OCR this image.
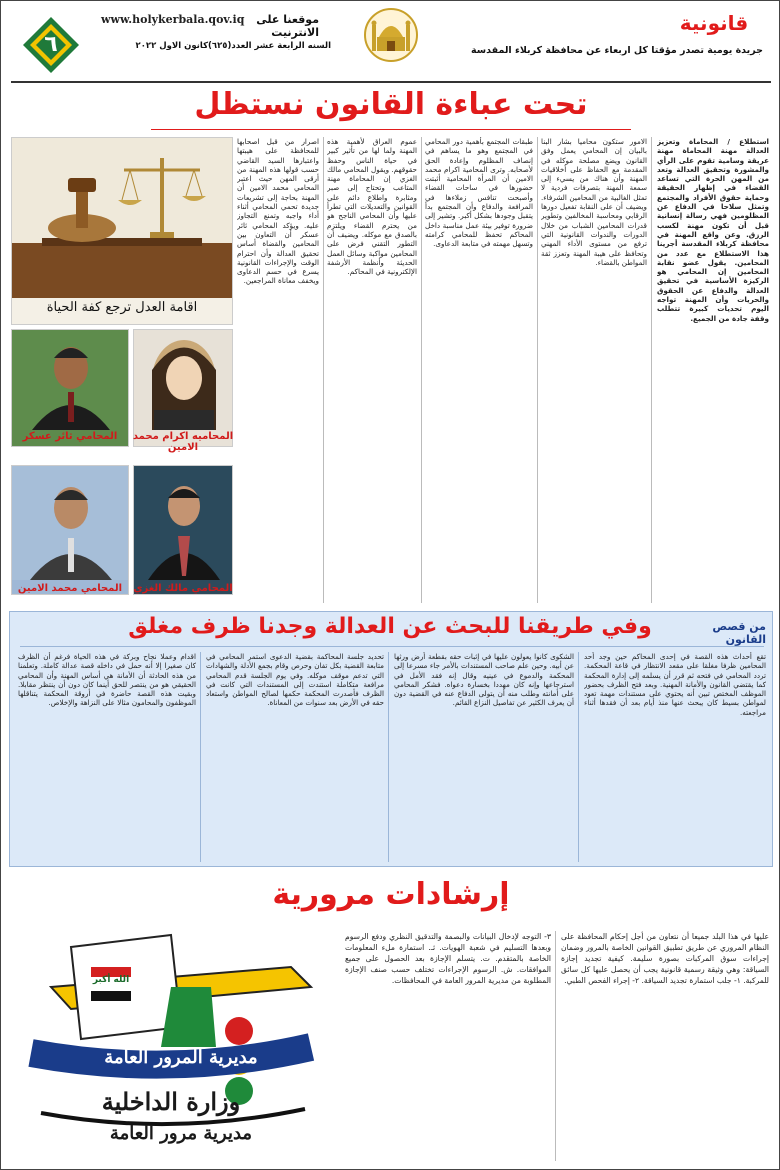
٦
موقعنا على الانترنيت
www.holykerbala.qov.iq
السنه الرابعة عشر العدد(٦٢٥)كانون الاول ٢٠٢٢
قانونية
جريدة يومية تصدر مؤقتا كل اربعاء عن محافظة كربلاء المقدسة
تحت عباءة القانون نستظل
استطلاع / المحاماة وتعزيز العدالة مهنة المحاماة مهنة عريقة وسامية تقوم على الرأي والمشورة وتحقيق العدالة وتعد من المهن الحرة التي تساعد القضاء في إظهار الحقيقة وحماية حقوق الأفراد والمجتمع وتمثل سلاحا في الدفاع عن المظلومين فهي رسالة إنسانية قبل أن تكون مهنة لكسب الرزق. وعن واقع المهنة في محافظة كربلاء المقدسة أجرينا هذا الاستطلاع مع عدد من المحامين. يقول عضو نقابة المحامين إن المحامي هو الركيزة الأساسية في تحقيق العدالة والدفاع عن الحقوق والحريات وأن المهنة تواجه اليوم تحديات كبيرة تتطلب وقفة جادة من الجميع.
الامور ستكون محاميا بشار البنا بالبيان إن المحامي يعمل وفق القانون ويضع مصلحة موكله في المقدمة مع الحفاظ على أخلاقيات المهنة وأن هناك من يسيء إلى سمعة المهنة بتصرفات فردية لا تمثل الغالبية من المحامين الشرفاء. ويضيف أن على النقابة تفعيل دورها الرقابي ومحاسبة المخالفين وتطوير قدرات المحامين الشباب من خلال الدورات والندوات القانونية التي ترفع من مستوى الأداء المهني وتحافظ على هيبة المهنة وتعزز ثقة المواطن بالقضاء.
طبقات المجتمع بأهمية دور المحامي في المجتمع وهو ما يساهم في إنصاف المظلوم وإعادة الحق لأصحابه. وترى المحامية اكرام محمد الامين أن المرأة المحامية أثبتت حضورها في ساحات القضاء وأصبحت تنافس زملاءها في المرافعة والدفاع وأن المجتمع بدأ يتقبل وجودها بشكل أكبر. وتشير إلى ضرورة توفير بيئة عمل مناسبة داخل المحاكم تحفظ للمحامي كرامته وتسهل مهمته في متابعة الدعاوى.
عموم العراق لأهمية هذه المهنة ولما لها من تأثير كبير في حياة الناس وحفظ حقوقهم. ويقول المحامي مالك الغزي إن المحاماة مهنة المتاعب وتحتاج إلى صبر ومثابرة واطلاع دائم على القوانين والتعديلات التي تطرأ عليها وأن المحامي الناجح هو من يحترم القضاء ويلتزم بالصدق مع موكله. ويضيف أن التطور التقني فرض على المحامين مواكبة وسائل العمل الحديثة وأنظمة الأرشفة الإلكترونية في المحاكم.
اصرار من قبل اصحابها للمحافظة على هيبتها واعتبارها السيد القاضي حسب قولها هذه المهنة من أرقى المهن حيث اعتبر المحامي محمد الامين أن المهنة بحاجة إلى تشريعات جديدة تحمي المحامي أثناء أداء واجبه وتمنع التجاوز عليه. ويؤكد المحامي ثائر عسكر أن التعاون بين المحامين والقضاة أساس تحقيق العدالة وأن احترام الوقت والإجراءات القانونية يسرع في حسم الدعاوى ويخفف معاناة المراجعين.
اقامة العدل ترجع كفة الحياة
المحاميه اكرام محمد الامين
المحامي ثائر عسكر
المحامي مالك الغزي
المحامي محمد الامين
من قصص القانون
وفي طريقنا للبحث عن العدالة وجدنا ظرف مغلق
تقع أحداث هذه القصة في إحدى المحاكم حين وجد أحد المحامين ظرفا مغلقا على مقعد الانتظار في قاعة المحكمة. تردد المحامي في فتحه ثم قرر أن يسلمه إلى إدارة المحكمة كما يقتضي القانون والأمانة المهنية. وبعد فتح الظرف بحضور الموظف المختص تبين أنه يحتوي على مستندات مهمة تعود لمواطن بسيط كان يبحث عنها منذ أيام بعد أن فقدها أثناء مراجعته.
الشكوى كانوا يعولون عليها في إثبات حقه بقطعة أرض ورثها عن أبيه. وحين علم صاحب المستندات بالأمر جاء مسرعا إلى المحكمة والدموع في عينيه وقال إنه فقد الأمل في استرجاعها وإنه كان مهددا بخسارة دعواه. فشكر المحامي على أمانته وطلب منه أن يتولى الدفاع عنه في القضية دون أن يعرف الكثير عن تفاصيل النزاع القائم.
تحديد جلسة المحاكمة بقضية الدعوى استمر المحامي في متابعة القضية بكل تفان وحرص وقام بجمع الأدلة والشهادات التي تدعم موقف موكله. وفي يوم الجلسة قدم المحامي مرافعة متكاملة استندت إلى المستندات التي كانت في الظرف فأصدرت المحكمة حكمها لصالح المواطن واستعاد حقه في الأرض بعد سنوات من المعاناة.
اقدام وعملا نجاح وبركة في هذه الحياة فرغم أن الظرف كان صغيرا إلا أنه حمل في داخله قصة عدالة كاملة. وتعلمنا من هذه الحادثة أن الأمانة هي أساس المهنة وأن المحامي الحقيقي هو من ينتصر للحق أينما كان دون أن ينتظر مقابلا. وبقيت هذه القصة حاضرة في أروقة المحكمة يتناقلها الموظفون والمحامون مثالا على النزاهة والإخلاص.
إرشادات مرورية
عليها في هذا البلد جميعا أن نتعاون من أجل إحكام المحافظة على النظام المروري عن طريق تطبيق القوانين الخاصة بالمرور وضمان إجراءات سوق المركبات بصورة سليمة. كيفية تجديد إجازة السياقة: وهي وثيقة رسمية قانونية يجب أن يحصل عليها كل سائق للمركبة. ١- جلب استمارة تجديد السياقة. ٢- إجراء الفحص الطبي.
٣- التوجه لإدخال البيانات والبصمة والتدقيق النظري ودفع الرسوم وبعدها التسليم في شعبة الهويات. ثـ. استمارة ملء المعلومات الخاصة بالمتقدم. ت. يتسلم الإجازة بعد الحصول على جميع الموافقات. ش. الرسوم الإجراءات تختلف حسب صنف الإجازة المطلوبة من مديرية المرور العامة في المحافظات.
الله أكبر
مديرية المرور العامة
وزارة الداخلية
مديرية مرور العامة
